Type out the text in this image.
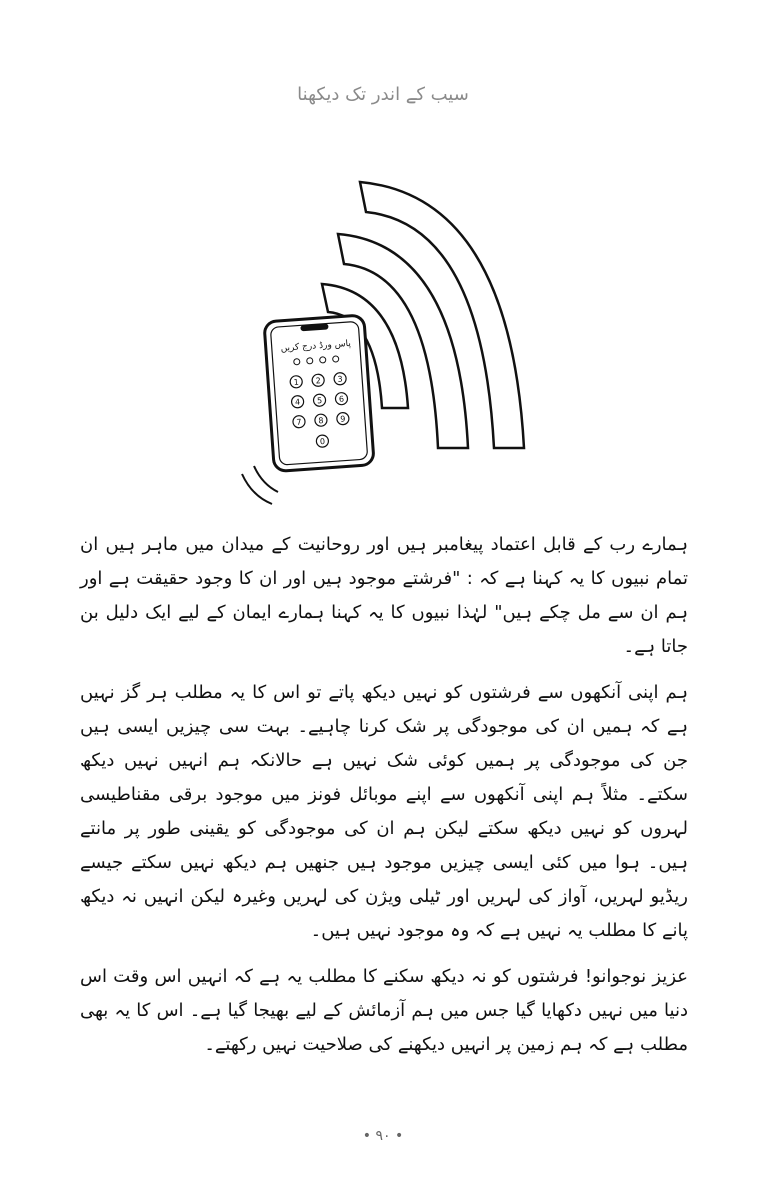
سیب کے اندر تک دیکھنا
پاس ورڈ درج کریں
1 2 3
4 5 6
7 8 9
0

ہمارے رب کے قابل اعتماد پیغامبر ہیں اور روحانیت کے میدان میں ماہر ہیں ان تمام نبیوں کا یہ کہنا ہے کہ : "فرشتے موجود ہیں اور ان کا وجود حقیقت ہے اور ہم ان سے مل چکے ہیں" لہٰذا نبیوں کا یہ کہنا ہمارے ایمان کے لیے ایک دلیل بن جاتا ہے۔

ہم اپنی آنکھوں سے فرشتوں کو نہیں دیکھ پاتے تو اس کا یہ مطلب ہر گز نہیں ہے کہ ہمیں ان کی موجودگی پر شک کرنا چاہیے۔ بہت سی چیزیں ایسی ہیں جن کی موجودگی پر ہمیں کوئی شک نہیں ہے حالانکہ ہم انہیں نہیں دیکھ سکتے۔ مثلاً ہم اپنی آنکھوں سے اپنے موبائل فونز میں موجود برقی مقناطیسی لہروں کو نہیں دیکھ سکتے لیکن ہم ان کی موجودگی کو یقینی طور پر مانتے ہیں۔ ہوا میں کئی ایسی چیزیں موجود ہیں جنھیں ہم دیکھ نہیں سکتے جیسے ریڈیو لہریں، آواز کی لہریں اور ٹیلی ویژن کی لہریں وغیرہ لیکن انہیں نہ دیکھ پانے کا مطلب یہ نہیں ہے کہ وہ موجود نہیں ہیں۔

عزیز نوجوانو! فرشتوں کو نہ دیکھ سکنے کا مطلب یہ ہے کہ انہیں اس وقت اس دنیا میں نہیں دکھایا گیا جس میں ہم آزمائش کے لیے بھیجا گیا ہے۔ اس کا یہ بھی مطلب ہے کہ ہم زمین پر انہیں دیکھنے کی صلاحیت نہیں رکھتے۔

• ۹۰ •
